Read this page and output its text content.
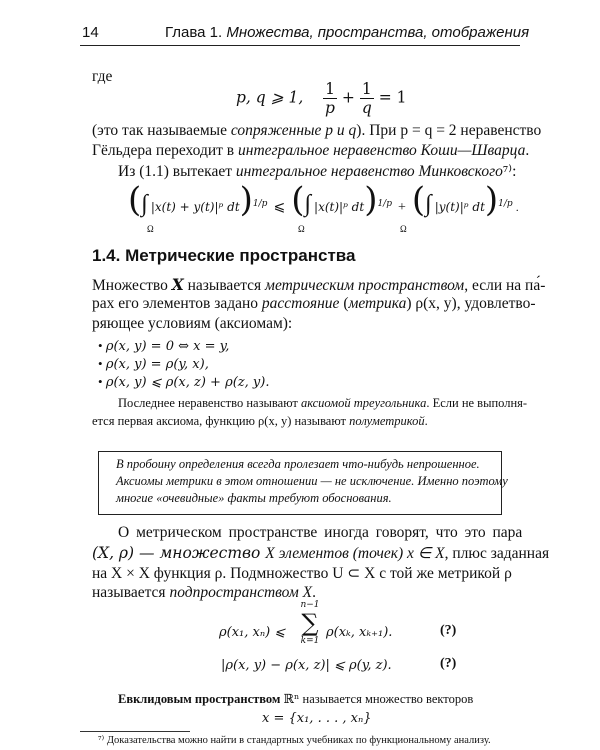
14	Глава 1. Множества, пространства, отображения
где
p, q ⩾ 1, $\frac{1}{p} + \frac{1}{q} = 1$
(это так называемые сопряженные p и q). При p = q = 2 неравенство
Гёльдера переходит в интегральное неравенство Коши—Шварца.
Из (1.1) вытекает интегральное неравенство Минковского⁷⁾:
(∫ |x(t) + y(t)|ᵖ dt)$^{1/p}$ ⩽ (∫ |x(t)|ᵖ dt)$^{1/p}$ + (∫ |y(t)|ᵖ dt)$^{1/p}$ .
Ω	Ω	Ω
1.4. Метрические пространства
Множество X называется метрическим пространством, если на па́-
рах его элементов задано расстояние (метрика) ρ(x, y), удовлетво-
ряющее условиям (аксиомам):
• ρ(x, y) = 0 ⇔ x = y,
• ρ(x, y) = ρ(y, x),
• ρ(x, y) ⩽ ρ(x, z) + ρ(z, y).
Последнее неравенство называют аксиомой треугольника. Если не выполня-
ется первая аксиома, функцию ρ(x, y) называют полуметрикой.
В пробоину определения всегда пролезает что-нибудь непрошенное.
Аксиомы метрики в этом отношении — не исключение. Именно поэтому
многие «очевидные» факты требуют обоснования.
О метрическом пространстве иногда говорят, что это пара
(X, ρ) — множество X элементов (точек) x ∈ X, плюс заданная
на X × X функция ρ. Подмножество U ⊂ X с той же метрикой ρ
называется подпространством X.
ρ(x₁, xₙ) ⩽
n−1
∑
k=1
ρ(xₖ, xₖ₊₁).	(?)
|ρ(x, y) − ρ(x, z)| ⩽ ρ(y, z).	(?)
Евклидовым пространством ℝⁿ называется множество векторов
x = {x₁, . . . , xₙ}
⁷⁾ Доказательства можно найти в стандартных учебниках по функциональному анализу.
